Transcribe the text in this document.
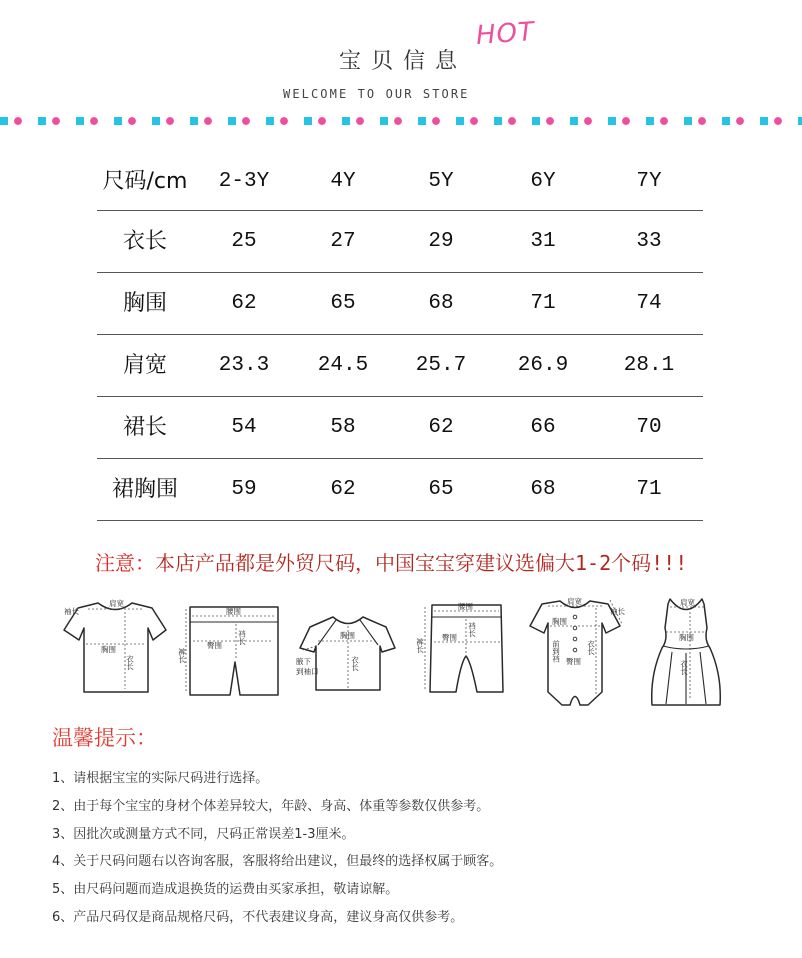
宝贝信息
HOT
WELCOME TO OUR STORE
尺码/cm	2-3Y	4Y	5Y	6Y	7Y
衣长	25	27	29	31	33
胸围	62	65	68	71	74
肩宽	23.3	24.5	25.7	26.9	28.1
裙长	54	58	62	66	70
裙胸围	59	62	65	68	71
注意：本店产品都是外贸尺码，中国宝宝穿建议选偏大1-2个码!!!
肩宽
袖长
胸围
衣长
腰围
臀围
裆长
裤长
胸围
衣长
腋下
到袖口
腰围
裆长
臀围
裤长
肩宽
袖长
胸围
前到裆	衣长
臀围
肩宽
胸围
衣长
温馨提示：
1、请根据宝宝的实际尺码进行选择。
2、由于每个宝宝的身材个体差异较大，年龄、身高、体重等参数仅供参考。
3、因批次或测量方式不同，尺码正常误差1-3厘米。
4、关于尺码问题右以咨询客服，客服将给出建议，但最终的选择权属于顾客。
5、由尺码问题而造成退换货的运费由买家承担，敬请谅解。
6、产品尺码仅是商品规格尺码，不代表建议身高，建议身高仅供参考。
